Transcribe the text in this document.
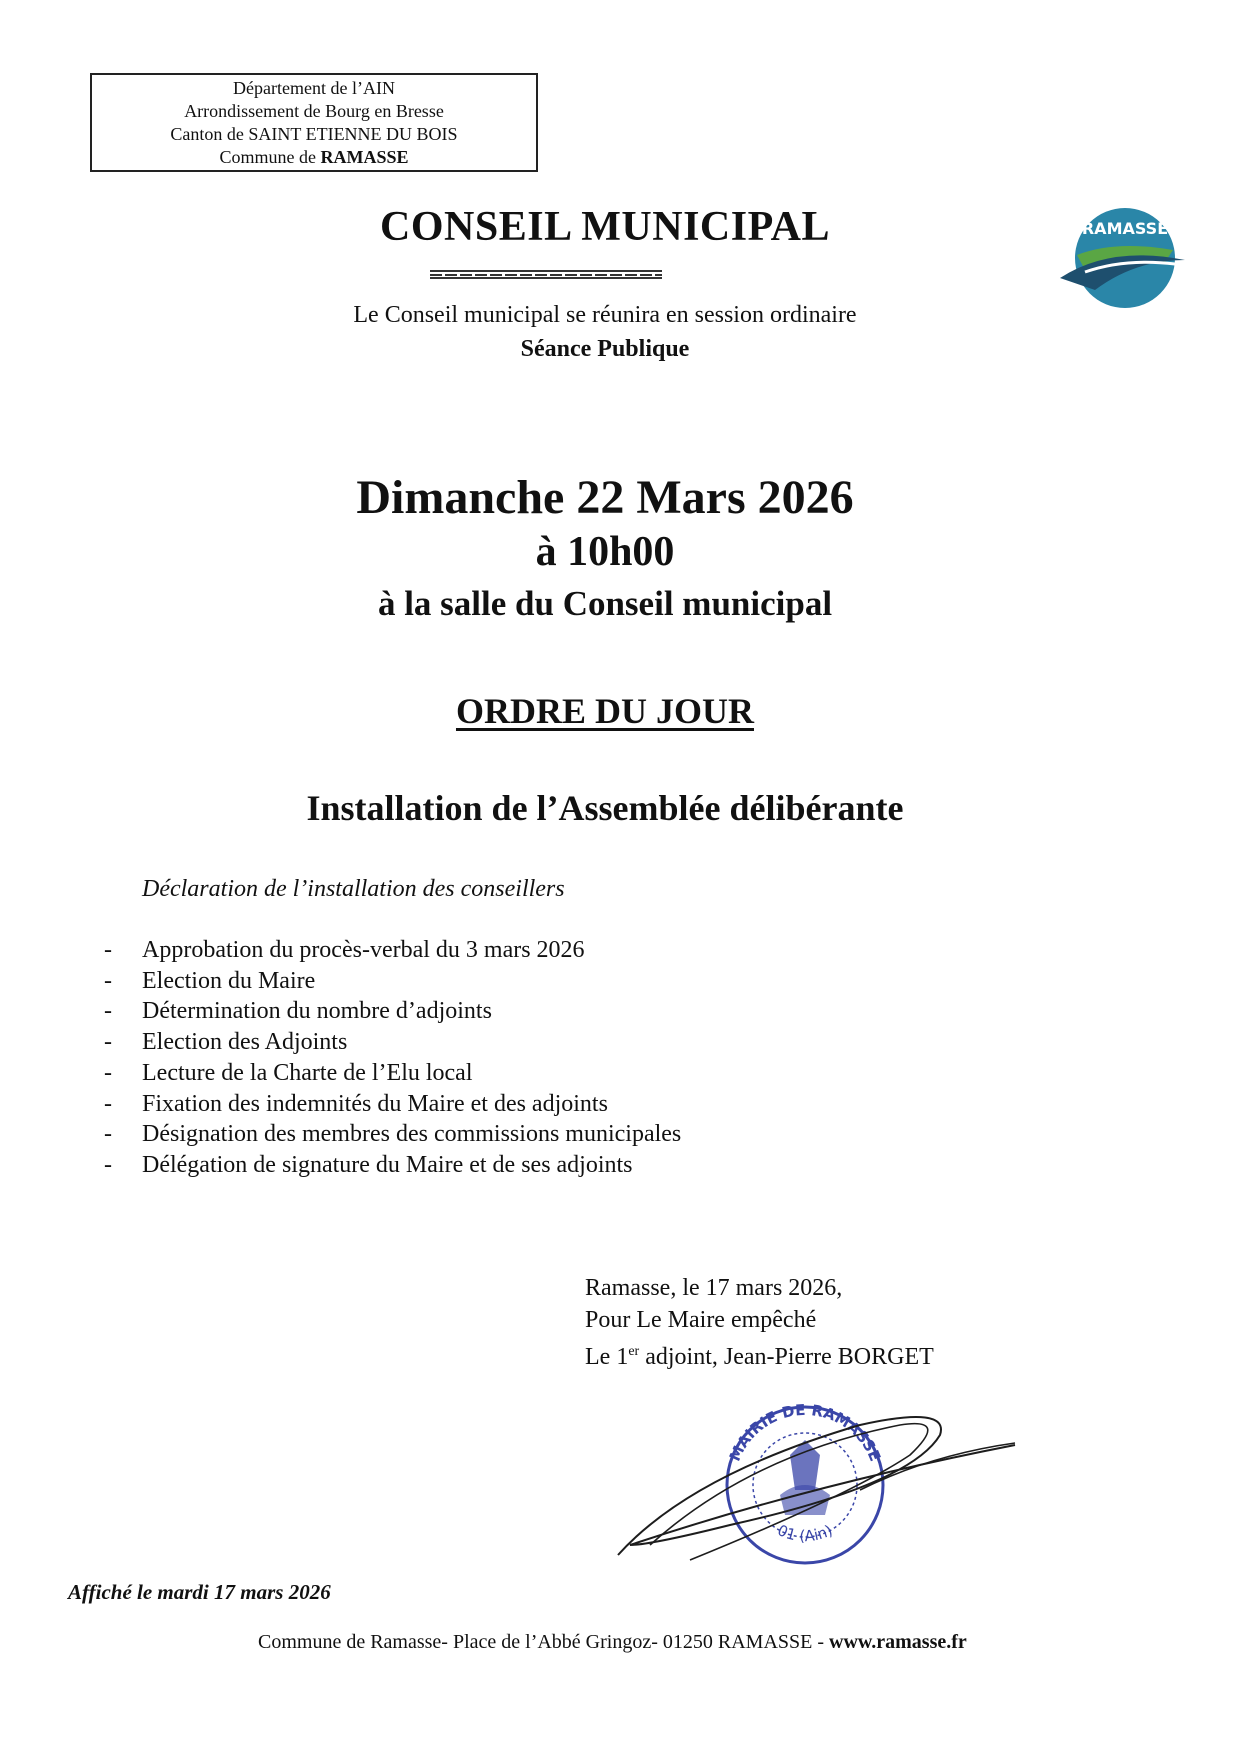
Département de l’AIN
Arrondissement de Bourg en Bresse
Canton de SAINT ETIENNE DU BOIS
Commune de RAMASSE
RAMASSE
CONSEIL MUNICIPAL
Le Conseil municipal se réunira en session ordinaire
Séance Publique
Dimanche 22 Mars 2026
à 10h00
à la salle du Conseil municipal
ORDRE DU JOUR
Installation de l’Assemblée délibérante
Déclaration de l’installation des conseillers
- Approbation du procès-verbal du 3 mars 2026
- Election du Maire
- Détermination du nombre d’adjoints
- Election des Adjoints
- Lecture de la Charte de l’Elu local
- Fixation des indemnités du Maire et des adjoints
- Désignation des membres des commissions municipales
- Délégation de signature du Maire et de ses adjoints
Ramasse, le 17 mars 2026,
Pour Le Maire empêché
Le 1er adjoint, Jean-Pierre BORGET
MAIRIE DE RAMASSE
01 (Ain)
Affiché le mardi 17 mars 2026
Commune de Ramasse- Place de l’Abbé Gringoz- 01250 RAMASSE - www.ramasse.fr
